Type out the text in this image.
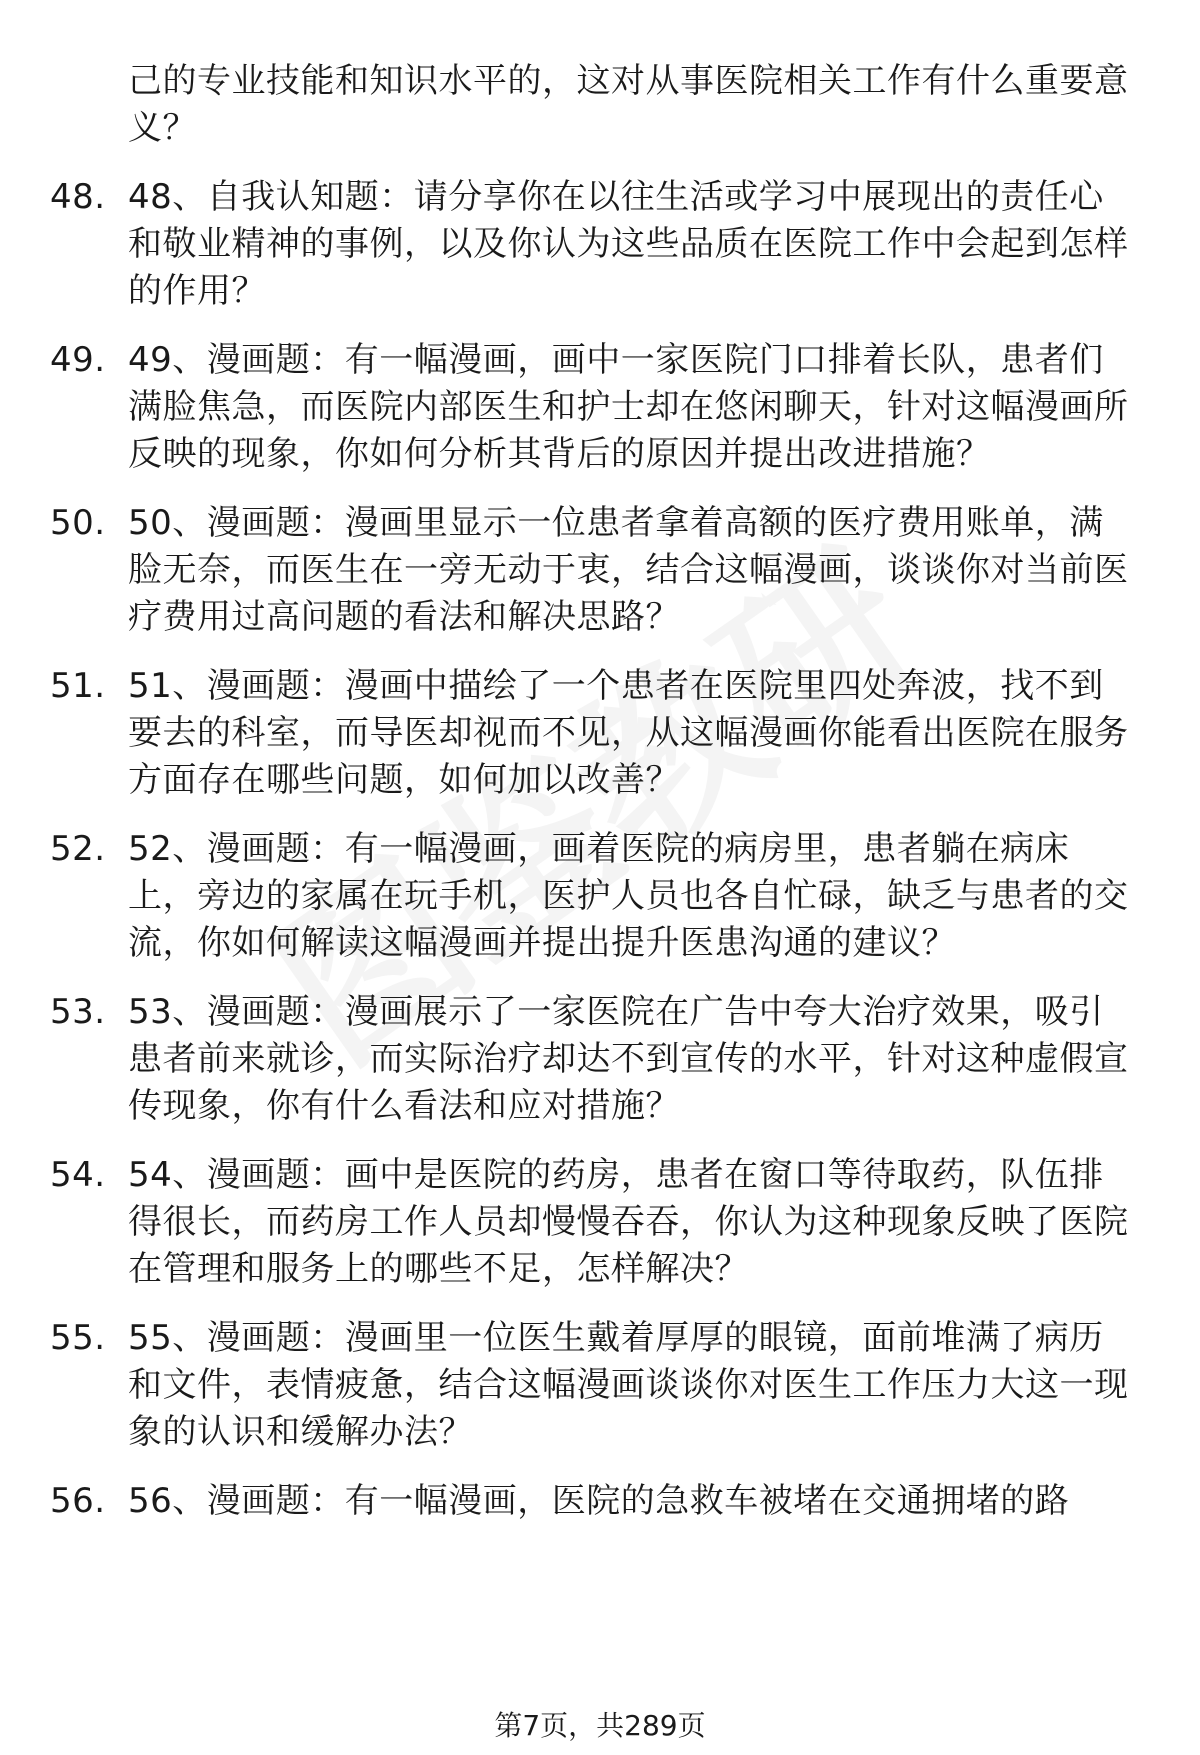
己的专业技能和知识水平的，这对从事医院相关工作有什么重要意义？
48. 48、自我认知题：请分享你在以往生活或学习中展现出的责任心和敬业精神的事例，以及你认为这些品质在医院工作中会起到怎样的作用？
49. 49、漫画题：有一幅漫画，画中一家医院门口排着长队，患者们满脸焦急，而医院内部医生和护士却在悠闲聊天，针对这幅漫画所反映的现象，你如何分析其背后的原因并提出改进措施？
50. 50、漫画题：漫画里显示一位患者拿着高额的医疗费用账单，满脸无奈，而医生在一旁无动于衷，结合这幅漫画，谈谈你对当前医疗费用过高问题的看法和解决思路？
51. 51、漫画题：漫画中描绘了一个患者在医院里四处奔波，找不到要去的科室，而导医却视而不见，从这幅漫画你能看出医院在服务方面存在哪些问题，如何加以改善？
52. 52、漫画题：有一幅漫画，画着医院的病房里，患者躺在病床上，旁边的家属在玩手机，医护人员也各自忙碌，缺乏与患者的交流，你如何解读这幅漫画并提出提升医患沟通的建议？
53. 53、漫画题：漫画展示了一家医院在广告中夸大治疗效果，吸引患者前来就诊，而实际治疗却达不到宣传的水平，针对这种虚假宣传现象，你有什么看法和应对措施？
54. 54、漫画题：画中是医院的药房，患者在窗口等待取药，队伍排得很长，而药房工作人员却慢慢吞吞，你认为这种现象反映了医院在管理和服务上的哪些不足，怎样解决？
55. 55、漫画题：漫画里一位医生戴着厚厚的眼镜，面前堆满了病历和文件，表情疲惫，结合这幅漫画谈谈你对医生工作压力大这一现象的认识和缓解办法？
56. 56、漫画题：有一幅漫画，医院的急救车被堵在交通拥堵的路
第7页，共289页
